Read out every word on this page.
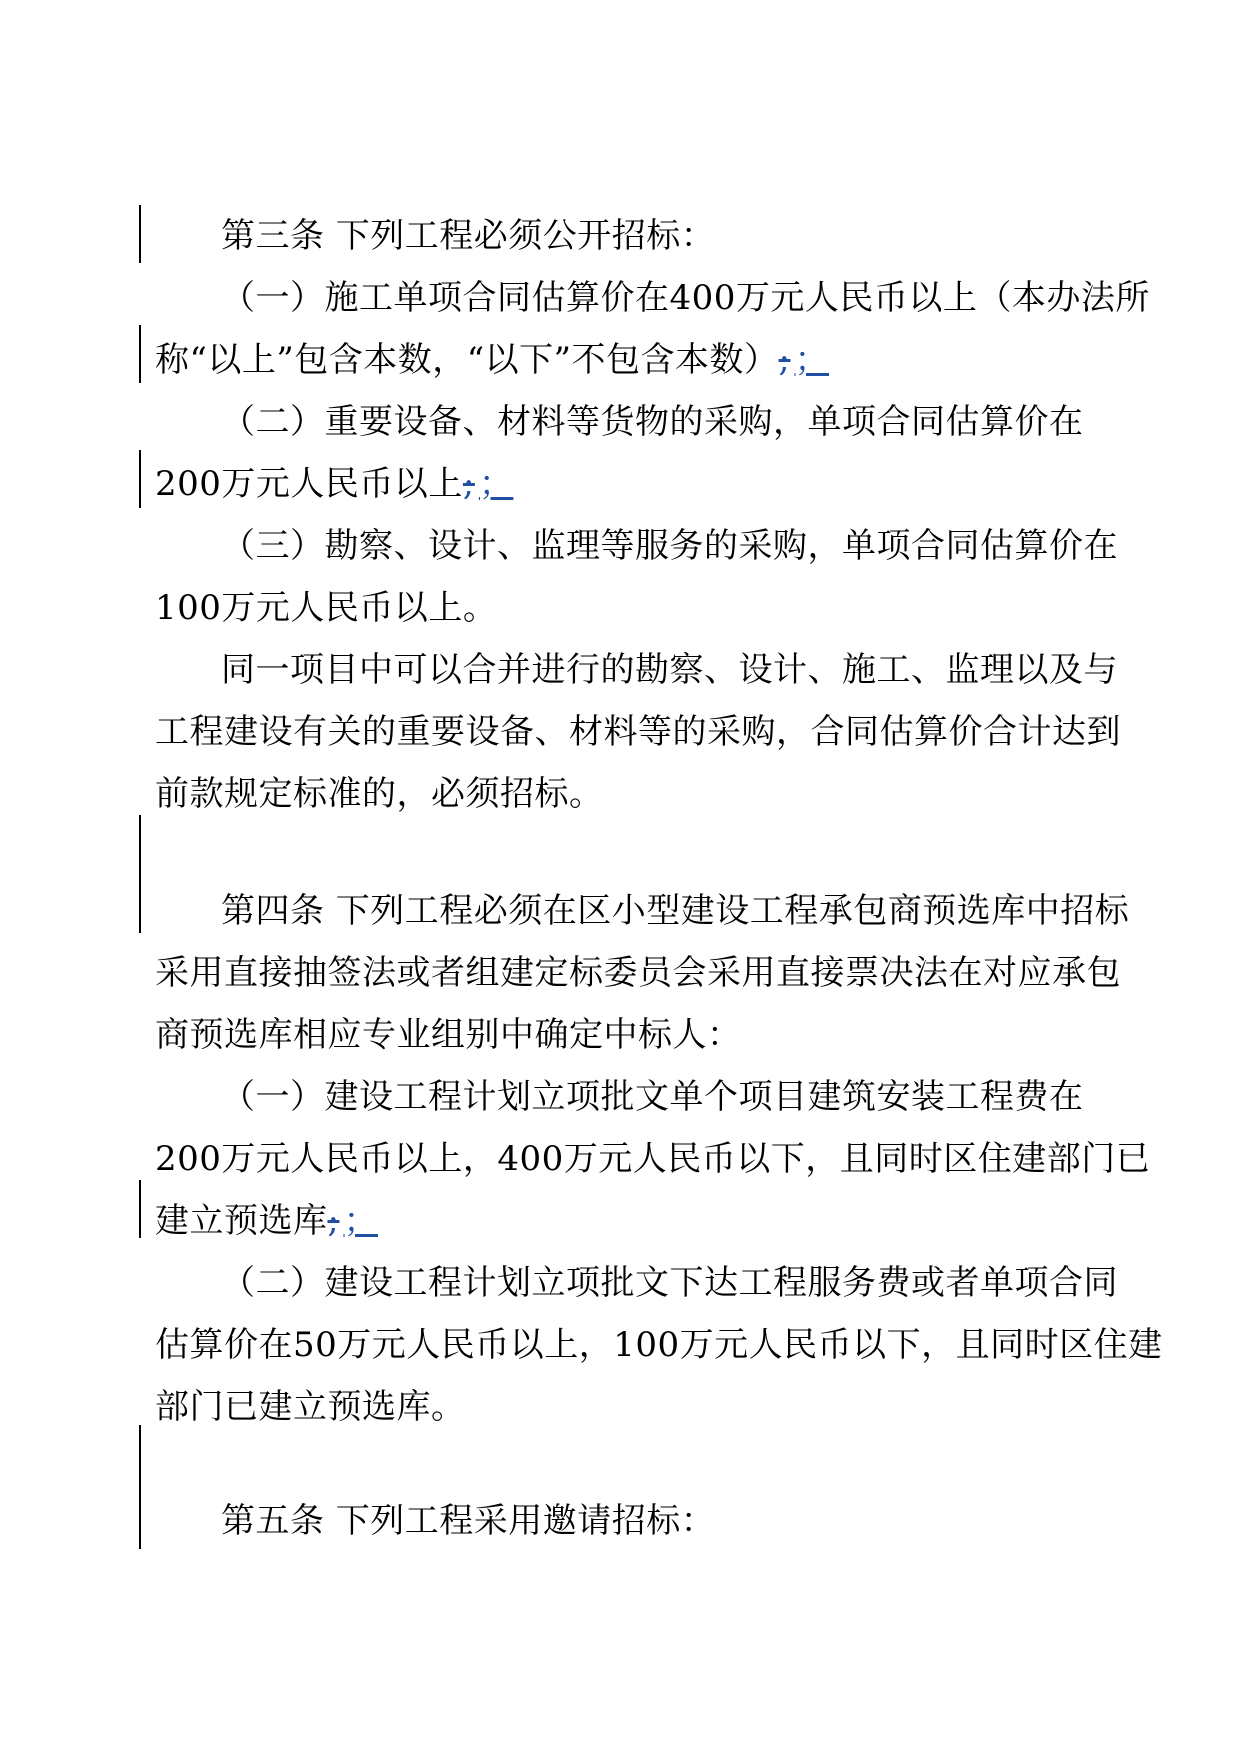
第三条 下列工程必须公开招标：
（一）施工单项合同估算价在400万元人民币以上（本办法所
称“以上”包含本数，“以下”不包含本数）; ；
（二）重要设备、材料等货物的采购，单项合同估算价在
200万元人民币以上; ；
（三）勘察、设计、监理等服务的采购，单项合同估算价在
100万元人民币以上。
同一项目中可以合并进行的勘察、设计、施工、监理以及与
工程建设有关的重要设备、材料等的采购，合同估算价合计达到
前款规定标准的，必须招标。
第四条 下列工程必须在区小型建设工程承包商预选库中招标
采用直接抽签法或者组建定标委员会采用直接票决法在对应承包
商预选库相应专业组别中确定中标人：
（一）建设工程计划立项批文单个项目建筑安装工程费在
200万元人民币以上，400万元人民币以下，且同时区住建部门已
建立预选库; ；
（二）建设工程计划立项批文下达工程服务费或者单项合同
估算价在50万元人民币以上，100万元人民币以下，且同时区住建
部门已建立预选库。
第五条 下列工程采用邀请招标：
